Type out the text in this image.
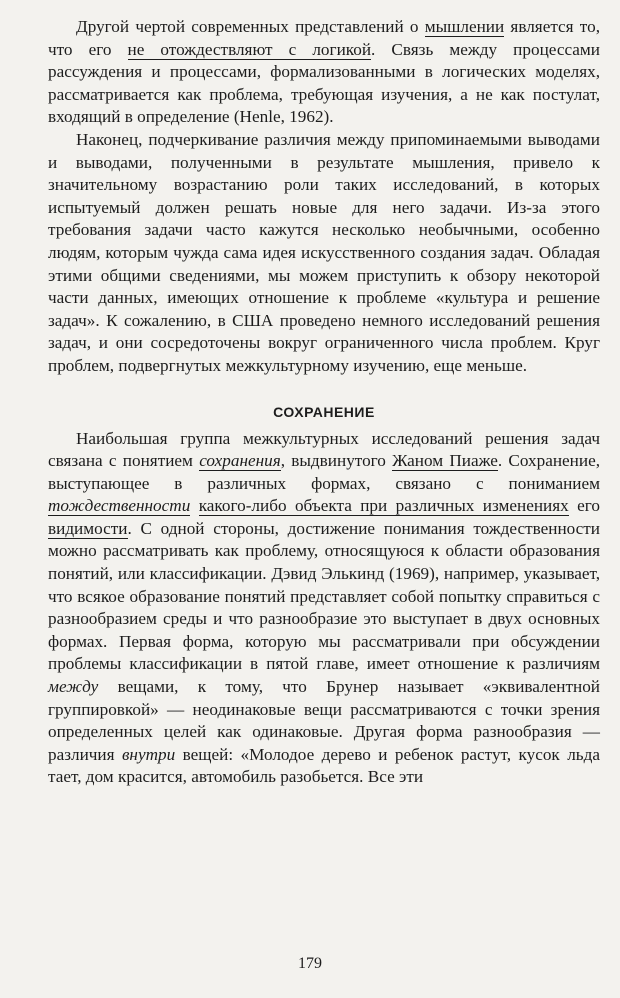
Другой чертой современных представлений о мышлении является то, что его не отождествляют с логикой. Связь между процессами рассуждения и процессами, формализованными в логических моделях, рассматривается как проблема, требующая изучения, а не как постулат, входящий в определение (Henle, 1962).

Наконец, подчеркивание различия между припоминаемыми выводами и выводами, полученными в результате мышления, привело к значительному возрастанию роли таких исследований, в которых испытуемый должен решать новые для него задачи. Из-за этого требования задачи часто кажутся несколько необычными, особенно людям, которым чужда сама идея искусственного создания задач. Обладая этими общими сведениями, мы можем приступить к обзору некоторой части данных, имеющих отношение к проблеме «культура и решение задач». К сожалению, в США проведено немного исследований решения задач, и они сосредоточены вокруг ограниченного числа проблем. Круг проблем, подвергнутых межкультурному изучению, еще меньше.

СОХРАНЕНИЕ

Наибольшая группа межкультурных исследований решения задач связана с понятием сохранения, выдвинутого Жаном Пиаже. Сохранение, выступающее в различных формах, связано с пониманием тождественности какого-либо объекта при различных изменениях его видимости. С одной стороны, достижение понимания тождественности можно рассматривать как проблему, относящуюся к области образования понятий, или классификации. Дэвид Элькинд (1969), например, указывает, что всякое образование понятий представляет собой попытку справиться с разнообразием среды и что разнообразие это выступает в двух основных формах. Первая форма, которую мы рассматривали при обсуждении проблемы классификации в пятой главе, имеет отношение к различиям между вещами, к тому, что Брунер называет «эквивалентной группировкой» — неодинаковые вещи рассматриваются с точки зрения определенных целей как одинаковые. Другая форма разнообразия — различия внутри вещей: «Молодое дерево и ребенок растут, кусок льда тает, дом красится, автомобиль разобьется. Все эти

179
